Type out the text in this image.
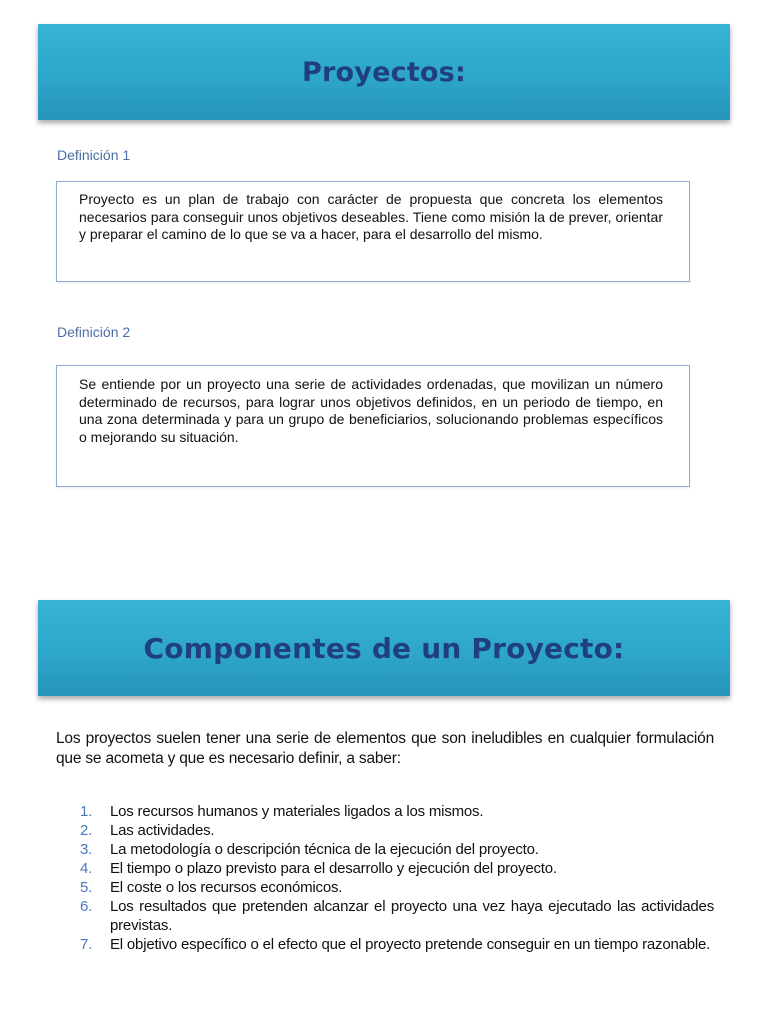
Proyectos:
Definición 1
Proyecto es un plan de trabajo con carácter de propuesta que concreta los elementos necesarios para conseguir unos objetivos deseables. Tiene como misión la de prever, orientar y preparar el camino de lo que se va a hacer, para el desarrollo del mismo.
Definición 2
Se entiende por un proyecto una serie de actividades ordenadas, que movilizan un número determinado de recursos, para lograr unos objetivos definidos, en un periodo de tiempo, en una zona determinada y para un grupo de beneficiarios, solucionando problemas específicos o mejorando su situación.
Componentes de un Proyecto:
Los proyectos suelen tener una serie de elementos que son ineludibles en cualquier formulación que se acometa y que es necesario definir, a saber:
1.	Los recursos humanos y materiales ligados a los mismos.
2.	Las actividades.
3.	La metodología o descripción técnica de la ejecución del proyecto.
4.	El tiempo o plazo previsto para el desarrollo y ejecución del proyecto.
5.	El coste o los recursos económicos.
6.	Los resultados que pretenden alcanzar el proyecto una vez haya ejecutado las actividades previstas.
7.	El objetivo específico o el efecto que el proyecto pretende conseguir en un tiempo razonable.
